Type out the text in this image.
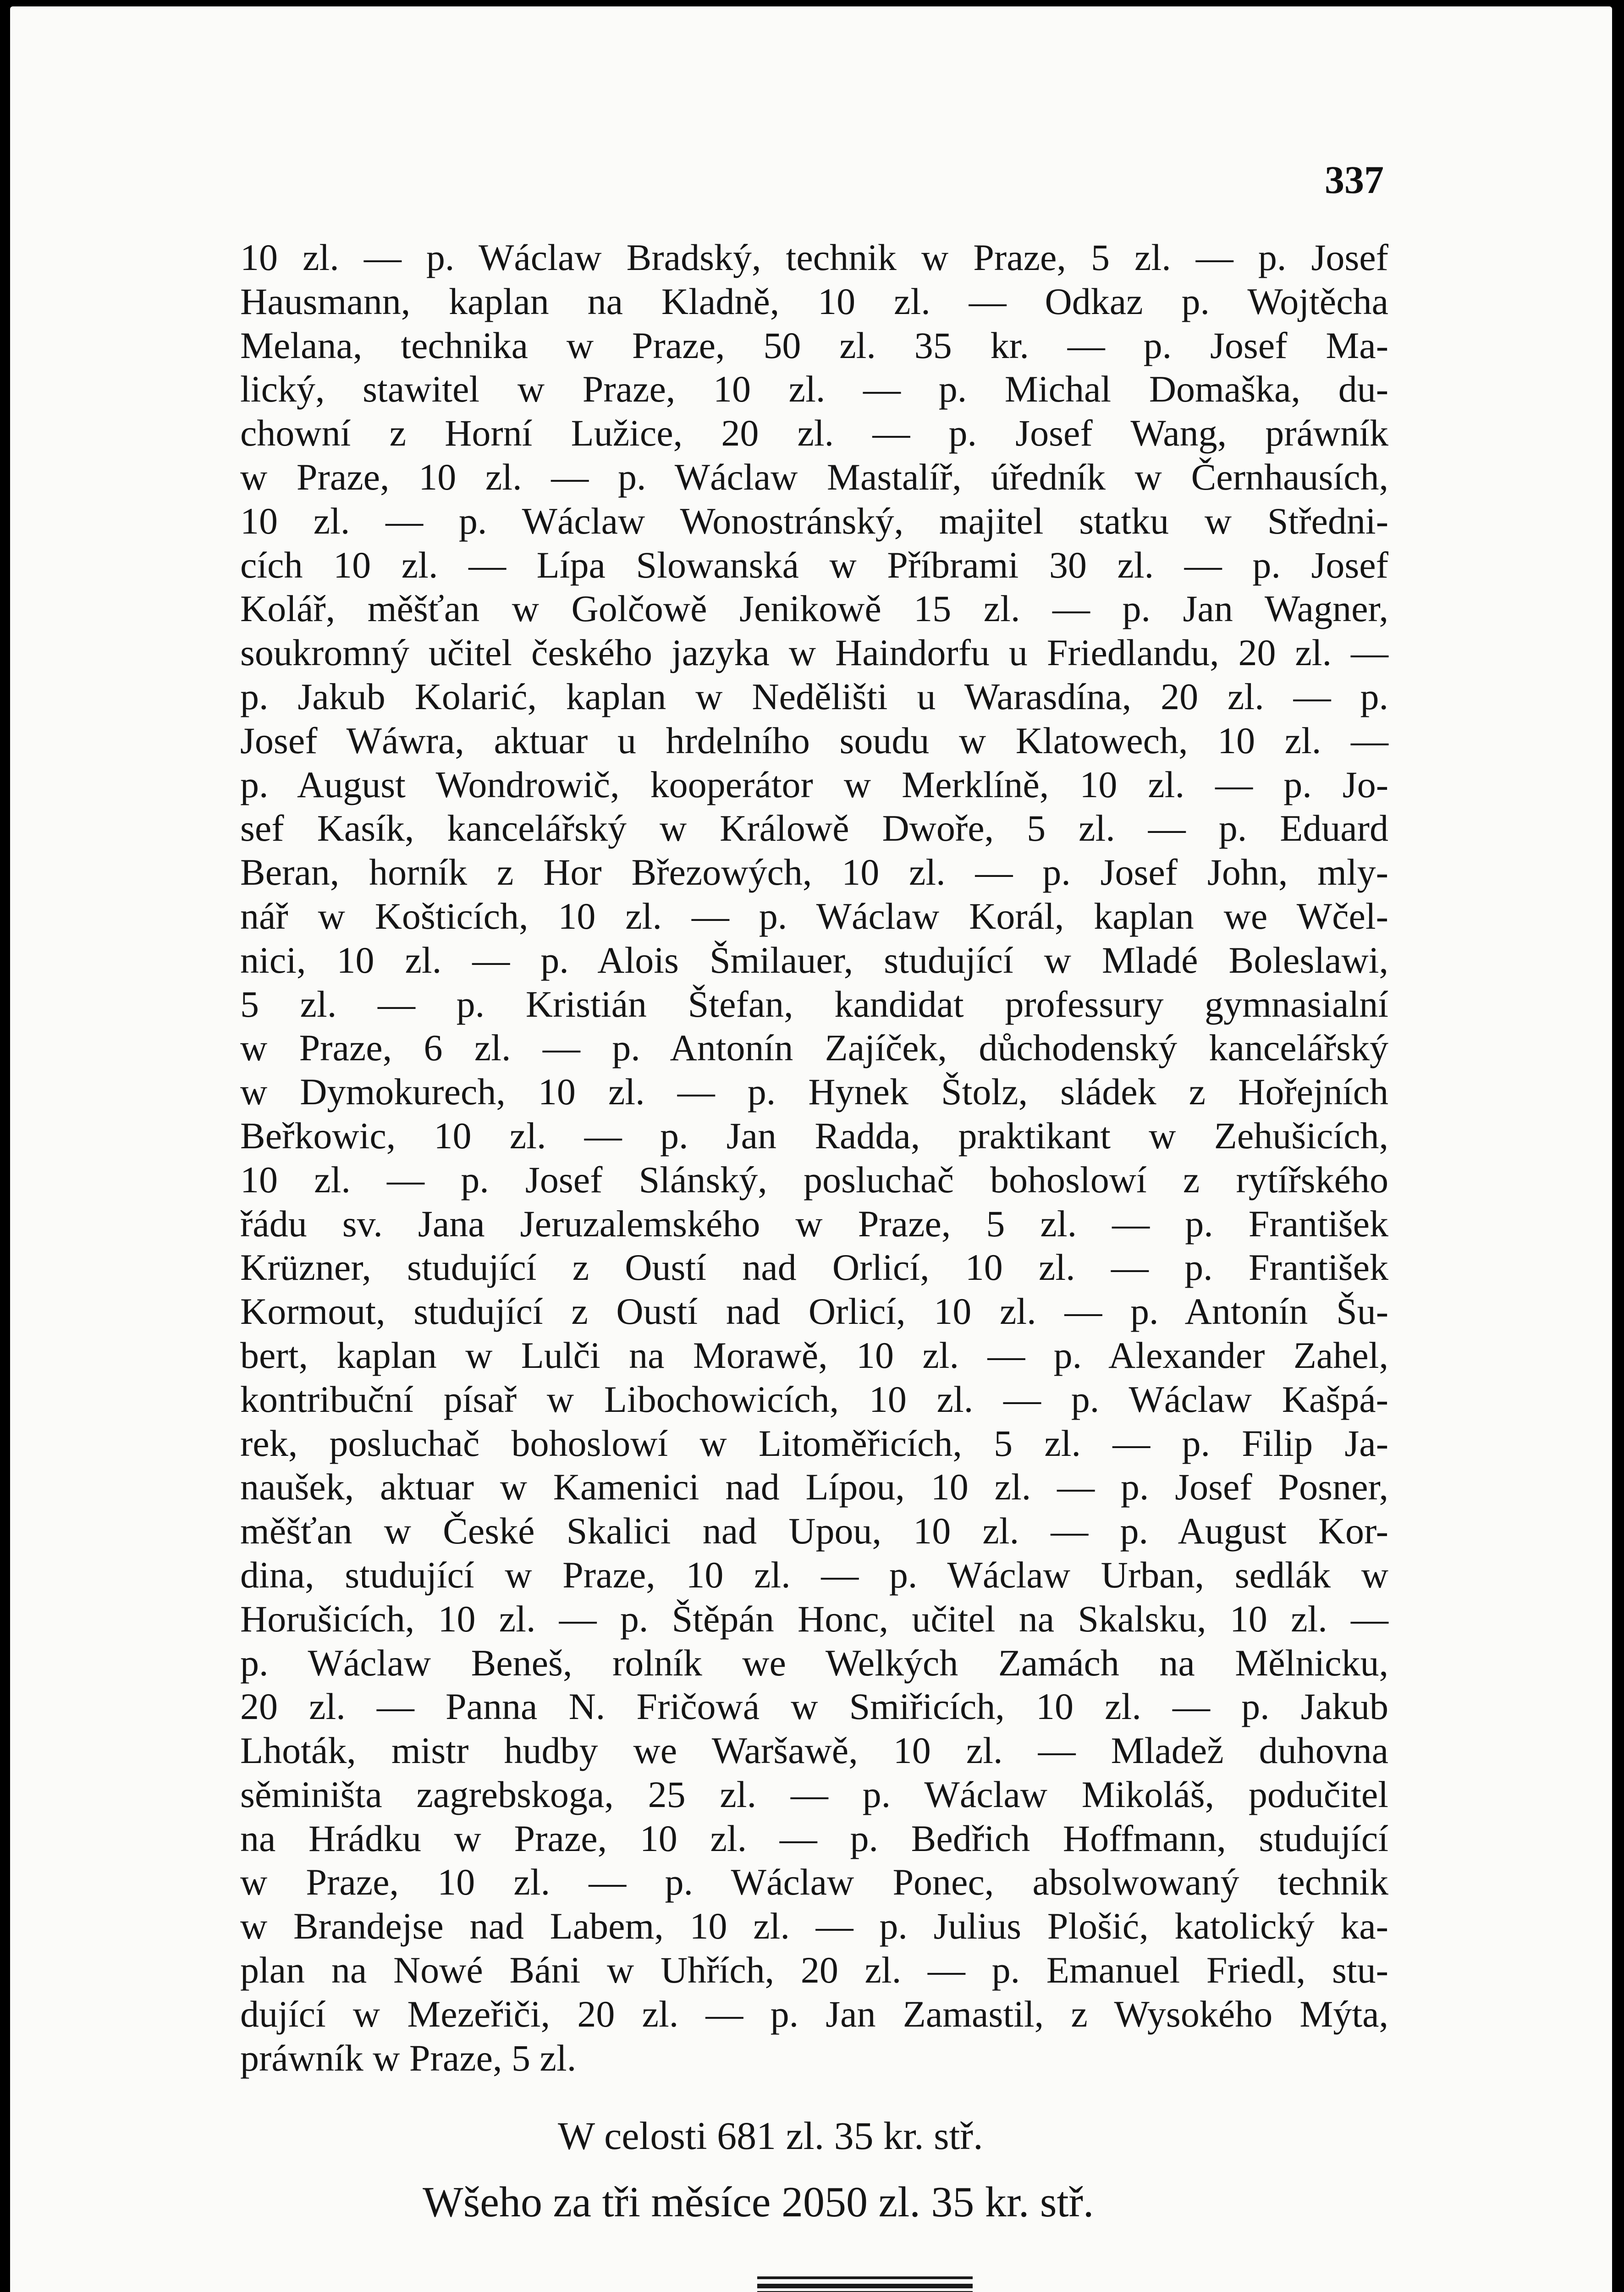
337

10 zl. — p. Wáclaw Bradský, technik w Praze, 5 zl. — p. Josef
Hausmann, kaplan na Kladně, 10 zl. — Odkaz p. Wojtěcha
Melana, technika w Praze, 50 zl. 35 kr. — p. Josef Ma-
lický, stawitel w Praze, 10 zl. — p. Michal Domaška, du-
chowní z Horní Lužice, 20 zl. — p. Josef Wang, práwník
w Praze, 10 zl. — p. Wáclaw Mastalíř, úředník w Černhausích,
10 zl. — p. Wáclaw Wonostránský, majitel statku w Středni-
cích 10 zl. — Lípa Slowanská w Příbrami 30 zl. — p. Josef
Kolář, měšťan w Golčowě Jenikowě 15 zl. — p. Jan Wagner,
soukromný učitel českého jazyka w Haindorfu u Friedlandu, 20 zl. —
p. Jakub Kolarić, kaplan w Nedělišti u Warasdína, 20 zl. — p.
Josef Wáwra, aktuar u hrdelního soudu w Klatowech, 10 zl. —
p. August Wondrowič, kooperátor w Merklíně, 10 zl. — p. Jo-
sef Kasík, kancelářský w Králowě Dwoře, 5 zl. — p. Eduard
Beran, horník z Hor Březowých, 10 zl. — p. Josef John, mly-
nář w Košticích, 10 zl. — p. Wáclaw Korál, kaplan we Wčel-
nici, 10 zl. — p. Alois Šmilauer, studující w Mladé Boleslawi,
5 zl. — p. Kristián Štefan, kandidat professury gymnasialní
w Praze, 6 zl. — p. Antonín Zajíček, důchodenský kancelářský
w Dymokurech, 10 zl. — p. Hynek Štolz, sládek z Hořejních
Beřkowic, 10 zl. — p. Jan Radda, praktikant w Zehušicích,
10 zl. — p. Josef Slánský, posluchač bohoslowí z rytířského
řádu sv. Jana Jeruzalemského w Praze, 5 zl. — p. František
Krüzner, studující z Oustí nad Orlicí, 10 zl. — p. František
Kormout, studující z Oustí nad Orlicí, 10 zl. — p. Antonín Šu-
bert, kaplan w Lulči na Morawě, 10 zl. — p. Alexander Zahel,
kontribuční písař w Libochowicích, 10 zl. — p. Wáclaw Kašpá-
rek, posluchač bohoslowí w Litoměřicích, 5 zl. — p. Filip Ja-
naušek, aktuar w Kamenici nad Lípou, 10 zl. — p. Josef Posner,
měšťan w České Skalici nad Upou, 10 zl. — p. August Kor-
dina, studující w Praze, 10 zl. — p. Wáclaw Urban, sedlák w
Horušicích, 10 zl. — p. Štěpán Honc, učitel na Skalsku, 10 zl. —
p. Wáclaw Beneš, rolník we Welkých Zamách na Mělnicku,
20 zl. — Panna N. Fričowá w Smiřicích, 10 zl. — p. Jakub
Lhoták, mistr hudby we Waršawě, 10 zl. — Mladež duhovna
sěminišta zagrebskoga, 25 zl. — p. Wáclaw Mikoláš, podučitel
na Hrádku w Praze, 10 zl. — p. Bedřich Hoffmann, studující
w Praze, 10 zl. — p. Wáclaw Ponec, absolwowaný technik
w Brandejse nad Labem, 10 zl. — p. Julius Plošić, katolický ka-
plan na Nowé Báni w Uhřích, 20 zl. — p. Emanuel Friedl, stu-
dující w Mezeřiči, 20 zl. — p. Jan Zamastil, z Wysokého Mýta,
práwník w Praze, 5 zl.

W celosti 681 zl. 35 kr. stř.

Wšeho za tři měsíce 2050 zl. 35 kr. stř.
